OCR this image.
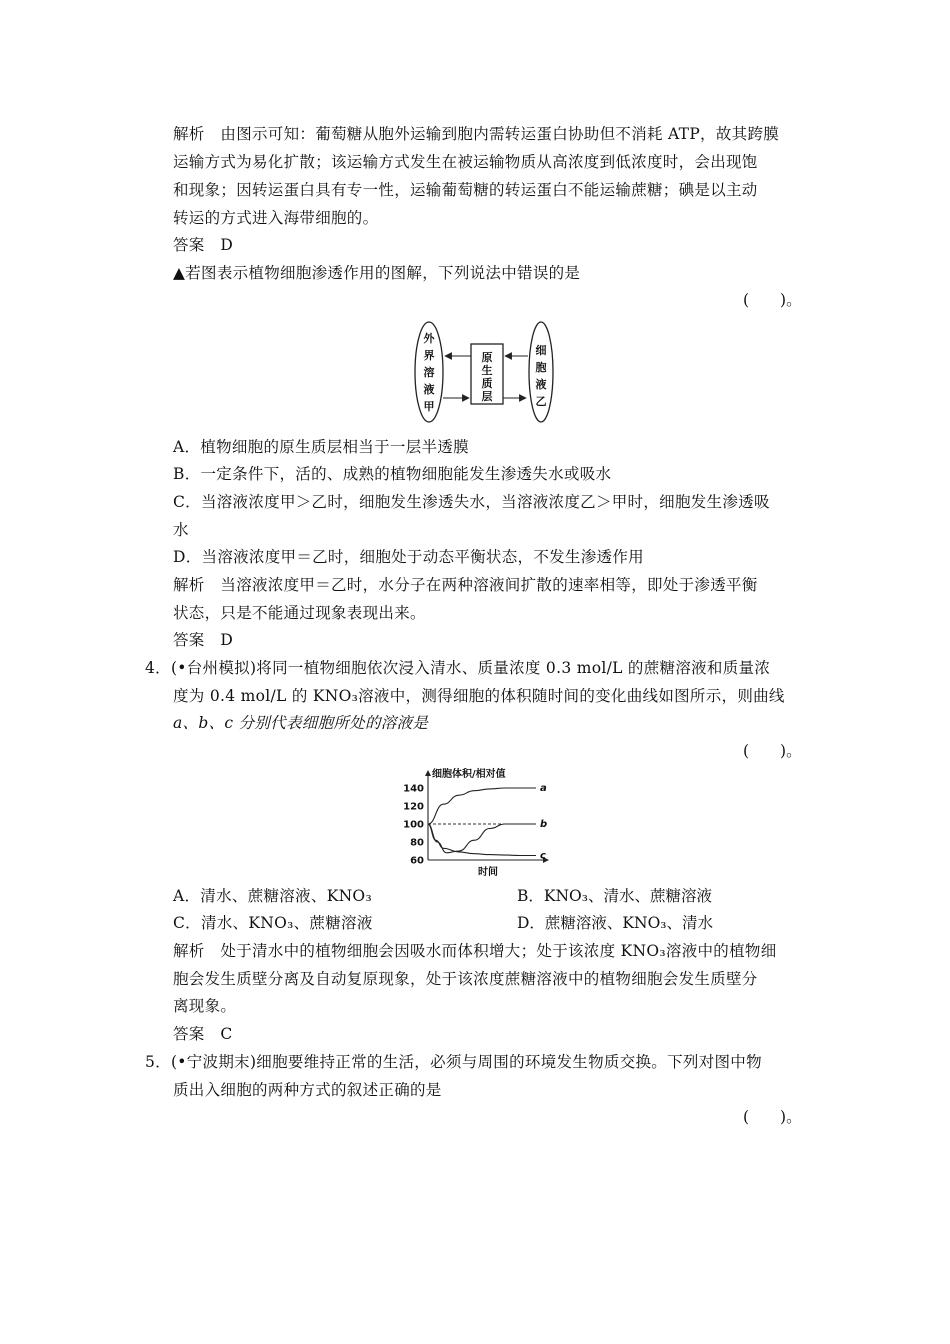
解析　由图示可知：葡萄糖从胞外运输到胞内需转运蛋白协助但不消耗 ATP，故其跨膜
运输方式为易化扩散；该运输方式发生在被运输物质从高浓度到低浓度时，会出现饱
和现象；因转运蛋白具有专一性，运输葡萄糖的转运蛋白不能运输蔗糖；碘是以主动
转运的方式进入海带细胞的。
答案　D
▲若图表示植物细胞渗透作用的图解，下列说法中错误的是
(　　)。
外
界
溶
液
甲
原
生
质
层
细
胞
液
乙
A．植物细胞的原生质层相当于一层半透膜
B．一定条件下，活的、成熟的植物细胞能发生渗透失水或吸水
C．当溶液浓度甲＞乙时，细胞发生渗透失水，当溶液浓度乙＞甲时，细胞发生渗透吸
水
D．当溶液浓度甲＝乙时，细胞处于动态平衡状态，不发生渗透作用
解析　当溶液浓度甲＝乙时，水分子在两种溶液间扩散的速率相等，即处于渗透平衡
状态，只是不能通过现象表现出来。
答案　D
4．(•台州模拟)将同一植物细胞依次浸入清水、质量浓度 0.3 mol/L 的蔗糖溶液和质量浓
度为 0.4 mol/L 的 KNO₃溶液中，测得细胞的体积随时间的变化曲线如图所示，则曲线
a、b、c 分别代表细胞所处的溶液是
(　　)。
140
120
100
80
60
细胞体积/相对值
时间
a
b
c
A．清水、蔗糖溶液、KNO₃	B．KNO₃、清水、蔗糖溶液
C．清水、KNO₃、蔗糖溶液	D．蔗糖溶液、KNO₃、清水
解析　处于清水中的植物细胞会因吸水而体积增大；处于该浓度 KNO₃溶液中的植物细
胞会发生质壁分离及自动复原现象，处于该浓度蔗糖溶液中的植物细胞会发生质壁分
离现象。
答案　C
5．(•宁波期末)细胞要维持正常的生活，必须与周围的环境发生物质交换。下列对图中物
质出入细胞的两种方式的叙述正确的是
(　　)。
